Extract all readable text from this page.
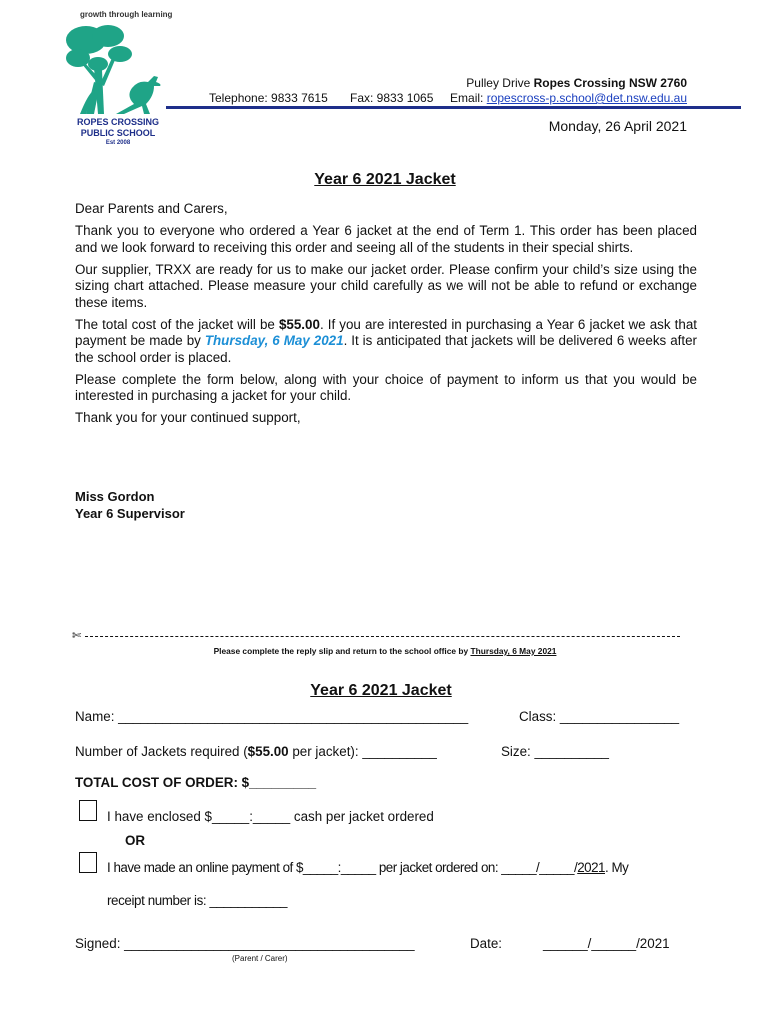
growth through learning
ROPES CROSSING
PUBLIC SCHOOL
Est 2008
Telephone: 9833 7615 Fax: 9833 1065
Pulley Drive Ropes Crossing NSW 2760
Email: ropescross-p.school@det.nsw.edu.au
Monday, 26 April 2021
Year 6 2021 Jacket

Dear Parents and Carers,

Thank you to everyone who ordered a Year 6 jacket at the end of Term 1. This order has been placed and we look forward to receiving this order and seeing all of the students in their special shirts.

Our supplier, TRXX are ready for us to make our jacket order. Please confirm your child’s size using the sizing chart attached. Please measure your child carefully as we will not be able to refund or exchange these items.

The total cost of the jacket will be $55.00. If you are interested in purchasing a Year 6 jacket we ask that payment be made by Thursday, 6 May 2021. It is anticipated that jackets will be delivered 6 weeks after the school order is placed.

Please complete the form below, along with your choice of payment to inform us that you would be interested in purchasing a jacket for your child.

Thank you for your continued support,

Miss Gordon
Year 6 Supervisor
✄
Please complete the reply slip and return to the school office by Thursday, 6 May 2021
Year 6 2021 Jacket
Name: _______________________________________________	Class: ________________
Number of Jackets required ($55.00 per jacket): __________	Size: __________
TOTAL COST OF ORDER: $_________
I have enclosed $_____:_____ cash per jacket ordered
OR
I have made an online payment of $_____:_____ per jacket ordered on: _____/_____/2021. My
receipt number is: ___________
Signed: _______________________________________
(Parent / Carer)
Date:	______/______/2021
